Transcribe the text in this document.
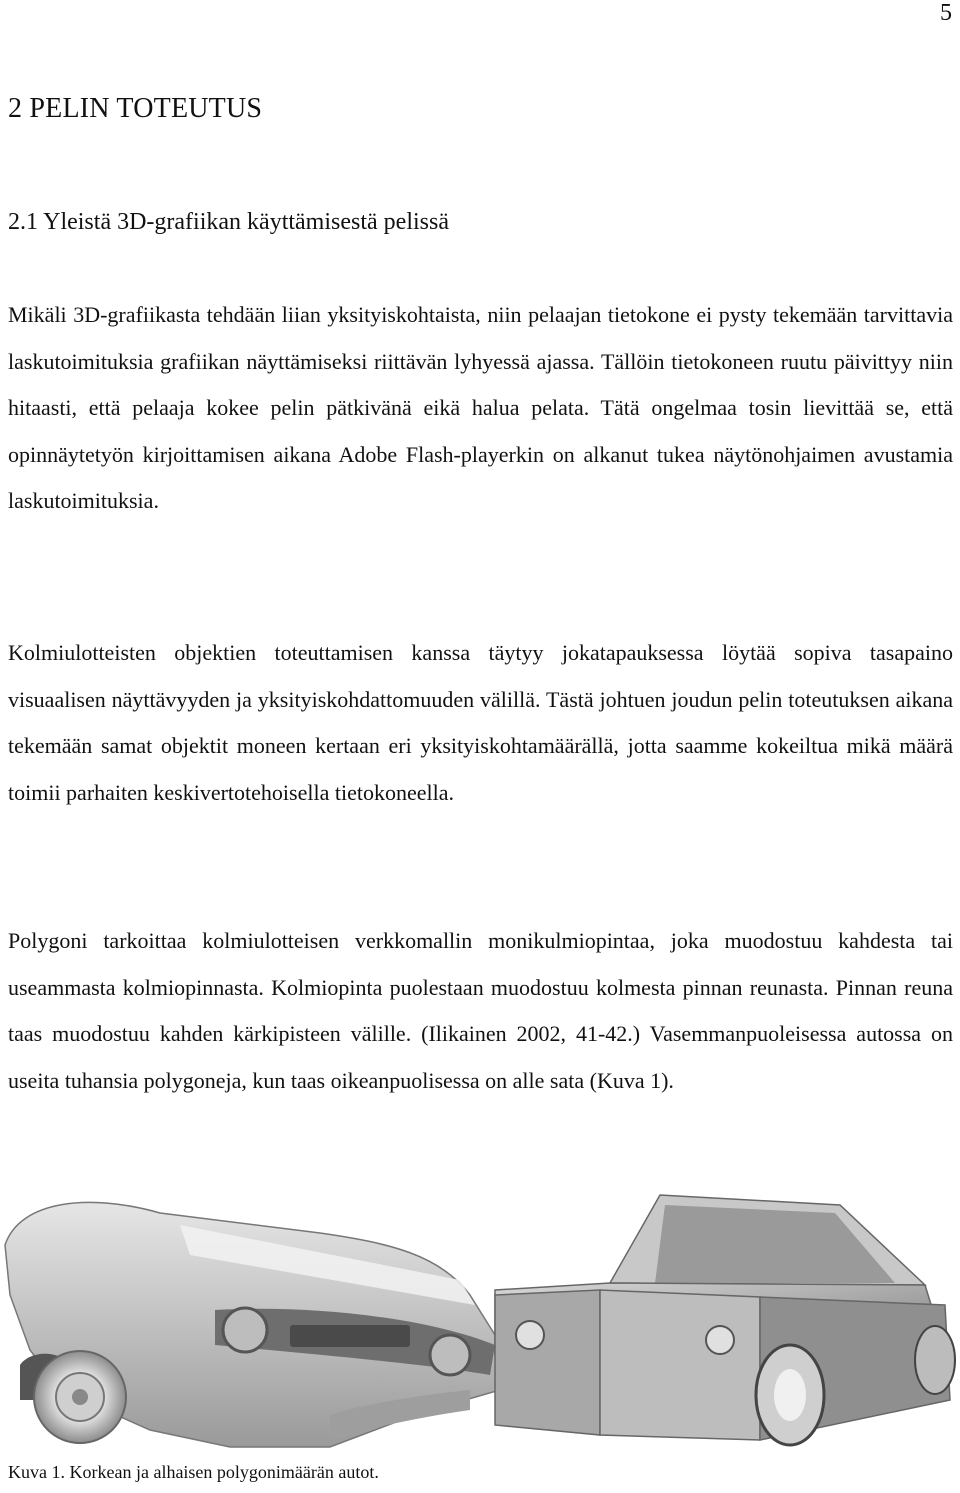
5
2 PELIN TOTEUTUS
2.1 Yleistä 3D-grafiikan käyttämisestä pelissä
Mikäli 3D-grafiikasta tehdään liian yksityiskohtaista, niin pelaajan tietokone ei pysty tekemään tarvittavia laskutoimituksia grafiikan näyttämiseksi riittävän lyhyessä ajassa. Tällöin tietokoneen ruutu päivittyy niin hitaasti, että pelaaja kokee pelin pätkivänä eikä halua pelata. Tätä ongelmaa tosin lievittää se, että opinnäytetyön kirjoittamisen aikana Adobe Flash-playerkin on alkanut tukea näytönohjaimen avustamia laskutoimituksia.
Kolmiulotteisten objektien toteuttamisen kanssa täytyy jokatapauksessa löytää sopiva tasapaino visuaalisen näyttävyyden ja yksityiskohdattomuuden välillä. Tästä johtuen joudun pelin toteutuksen aikana tekemään samat objektit moneen kertaan eri yksityiskohtamäärällä, jotta saamme kokeiltua mikä määrä toimii parhaiten keskivertotehoisella tietokoneella.
Polygoni tarkoittaa kolmiulotteisen verkkomallin monikulmiopintaa, joka muodostuu kahdesta tai useammasta kolmiopinnasta. Kolmiopinta puolestaan muodostuu kolmesta pinnan reunasta. Pinnan reuna taas muodostuu kahden kärkipisteen välille. (Ilikainen 2002, 41-42.) Vasemmanpuoleisessa autossa on useita tuhansia polygoneja, kun taas oikeanpuolisessa on alle sata (Kuva 1).
Kuva 1. Korkean ja alhaisen polygonimäärän autot.
